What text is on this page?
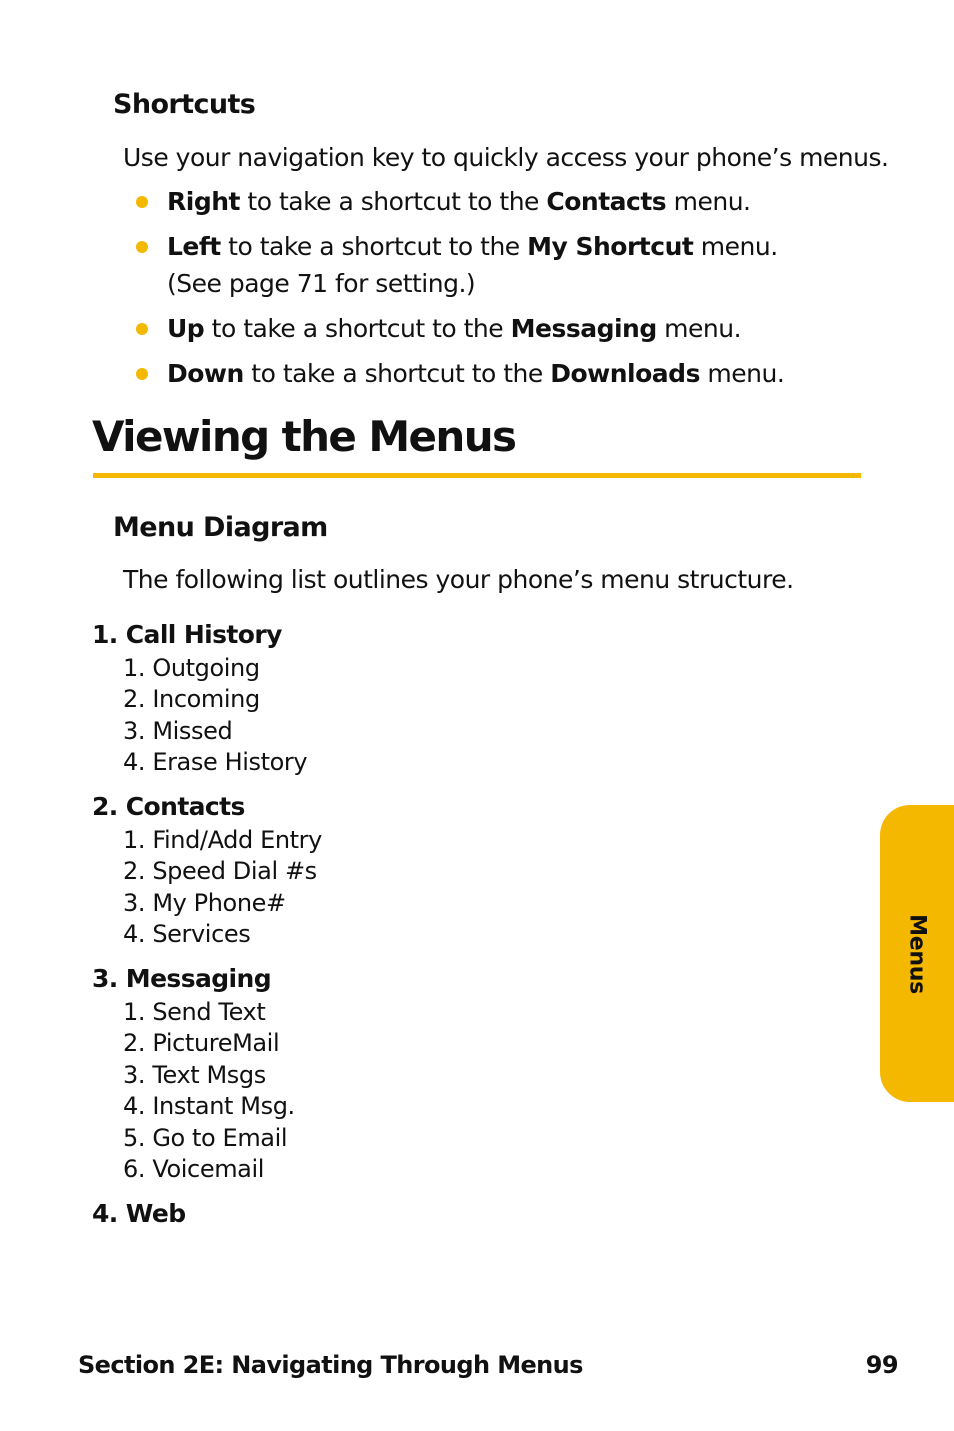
Shortcuts
Use your navigation key to quickly access your phone’s menus.
Right to take a shortcut to the Contacts menu.
Left to take a shortcut to the My Shortcut menu.
(See page 71 for setting.)
Up to take a shortcut to the Messaging menu.
Down to take a shortcut to the Downloads menu.
Viewing the Menus
Menu Diagram
The following list outlines your phone’s menu structure.
1. Call History
1. Outgoing
2. Incoming
3. Missed
4. Erase History
2. Contacts
1. Find/Add Entry
2. Speed Dial #s
3. My Phone#
4. Services
3. Messaging
1. Send Text
2. PictureMail
3. Text Msgs
4. Instant Msg.
5. Go to Email
6. Voicemail
4. Web
Menus
Section 2E: Navigating Through Menus	99
